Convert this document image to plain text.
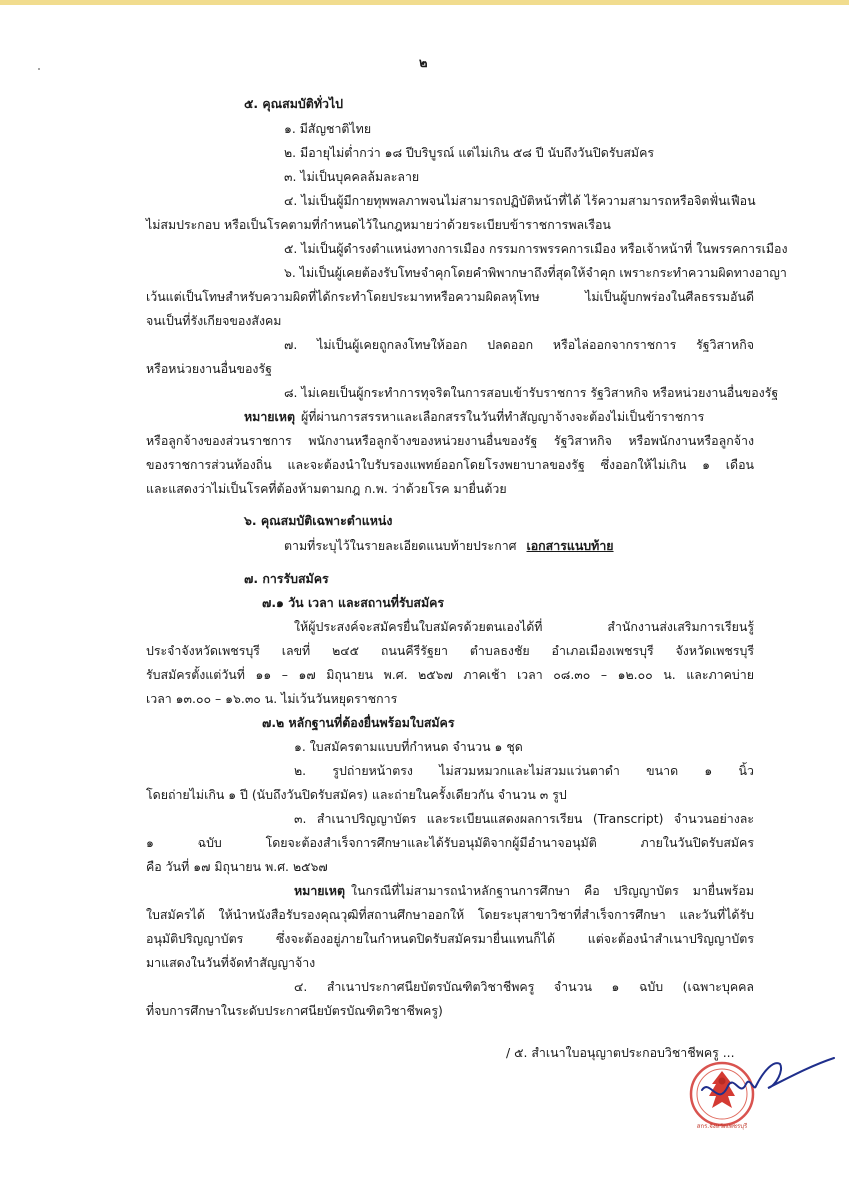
๒
๕. คุณสมบัติทั่วไป
๑. มีสัญชาติไทย
๒. มีอายุไม่ต่ำกว่า ๑๘ ปีบริบูรณ์ แต่ไม่เกิน ๕๘ ปี นับถึงวันปิดรับสมัคร
๓. ไม่เป็นบุคคลล้มละลาย
๔. ไม่เป็นผู้มีกายทุพพลภาพจนไม่สามารถปฏิบัติหน้าที่ได้ ไร้ความสามารถหรือจิตฟั่นเฟือน
ไม่สมประกอบ หรือเป็นโรคตามที่กำหนดไว้ในกฎหมายว่าด้วยระเบียบข้าราชการพลเรือน
๕. ไม่เป็นผู้ดำรงตำแหน่งทางการเมือง กรรมการพรรคการเมือง หรือเจ้าหน้าที่ ในพรรคการเมือง
๖. ไม่เป็นผู้เคยต้องรับโทษจำคุกโดยคำพิพากษาถึงที่สุดให้จำคุก เพราะกระทำความผิดทางอาญา
เว้นแต่เป็นโทษสำหรับความผิดที่ได้กระทำโดยประมาทหรือความผิดลหุโทษ ไม่เป็นผู้บกพร่องในศีลธรรมอันดี
จนเป็นที่รังเกียจของสังคม
๗. ไม่เป็นผู้เคยถูกลงโทษให้ออก ปลดออก หรือไล่ออกจากราชการ รัฐวิสาหกิจ
หรือหน่วยงานอื่นของรัฐ
๘. ไม่เคยเป็นผู้กระทำการทุจริตในการสอบเข้ารับราชการ รัฐวิสาหกิจ หรือหน่วยงานอื่นของรัฐ
หมายเหตุ ผู้ที่ผ่านการสรรหาและเลือกสรรในวันที่ทำสัญญาจ้างจะต้องไม่เป็นข้าราชการ
หรือลูกจ้างของส่วนราชการ พนักงานหรือลูกจ้างของหน่วยงานอื่นของรัฐ รัฐวิสาหกิจ หรือพนักงานหรือลูกจ้าง
ของราชการส่วนท้องถิ่น และจะต้องนำใบรับรองแพทย์ออกโดยโรงพยาบาลของรัฐ ซึ่งออกให้ไม่เกิน ๑ เดือน
และแสดงว่าไม่เป็นโรคที่ต้องห้ามตามกฎ ก.พ. ว่าด้วยโรค มายื่นด้วย
๖. คุณสมบัติเฉพาะตำแหน่ง
ตามที่ระบุไว้ในรายละเอียดแนบท้ายประกาศ เอกสารแนบท้าย
๗. การรับสมัคร
๗.๑ วัน เวลา และสถานที่รับสมัคร
ให้ผู้ประสงค์จะสมัครยื่นใบสมัครด้วยตนเองได้ที่ สำนักงานส่งเสริมการเรียนรู้
ประจำจังหวัดเพชรบุรี เลขที่ ๒๔๕ ถนนคีรีรัฐยา ตำบลธงชัย อำเภอเมืองเพชรบุรี จังหวัดเพชรบุรี
รับสมัครตั้งแต่วันที่ ๑๑ – ๑๗ มิถุนายน พ.ศ. ๒๕๖๗ ภาคเช้า เวลา ๐๘.๓๐ – ๑๒.๐๐ น. และภาคบ่าย
เวลา ๑๓.๐๐ – ๑๖.๓๐ น. ไม่เว้นวันหยุดราชการ
๗.๒ หลักฐานที่ต้องยื่นพร้อมใบสมัคร
๑. ใบสมัครตามแบบที่กำหนด จำนวน ๑ ชุด
๒. รูปถ่ายหน้าตรง ไม่สวมหมวกและไม่สวมแว่นตาดำ ขนาด ๑ นิ้ว
โดยถ่ายไม่เกิน ๑ ปี (นับถึงวันปิดรับสมัคร) และถ่ายในครั้งเดียวกัน จำนวน ๓ รูป
๓. สำเนาปริญญาบัตร และระเบียนแสดงผลการเรียน (Transcript) จำนวนอย่างละ
๑ ฉบับ โดยจะต้องสำเร็จการศึกษาและได้รับอนุมัติจากผู้มีอำนาจอนุมัติ ภายในวันปิดรับสมัคร
คือ วันที่ ๑๗ มิถุนายน พ.ศ. ๒๕๖๗
หมายเหตุ ในกรณีที่ไม่สามารถนำหลักฐานการศึกษา คือ ปริญญาบัตร มายื่นพร้อม
ใบสมัครได้ ให้นำหนังสือรับรองคุณวุฒิที่สถานศึกษาออกให้ โดยระบุสาขาวิชาที่สำเร็จการศึกษา และวันที่ได้รับ
อนุมัติปริญญาบัตร ซึ่งจะต้องอยู่ภายในกำหนดปิดรับสมัครมายื่นแทนก็ได้ แต่จะต้องนำสำเนาปริญญาบัตร
มาแสดงในวันที่จัดทำสัญญาจ้าง
๔. สำเนาประกาศนียบัตรบัณฑิตวิชาชีพครู จำนวน ๑ ฉบับ (เฉพาะบุคคล
ที่จบการศึกษาในระดับประกาศนียบัตรบัณฑิตวิชาชีพครู)
/ ๕. สำเนาใบอนุญาตประกอบวิชาชีพครู ...
สกร.จังหวัดเพชรบุรี
